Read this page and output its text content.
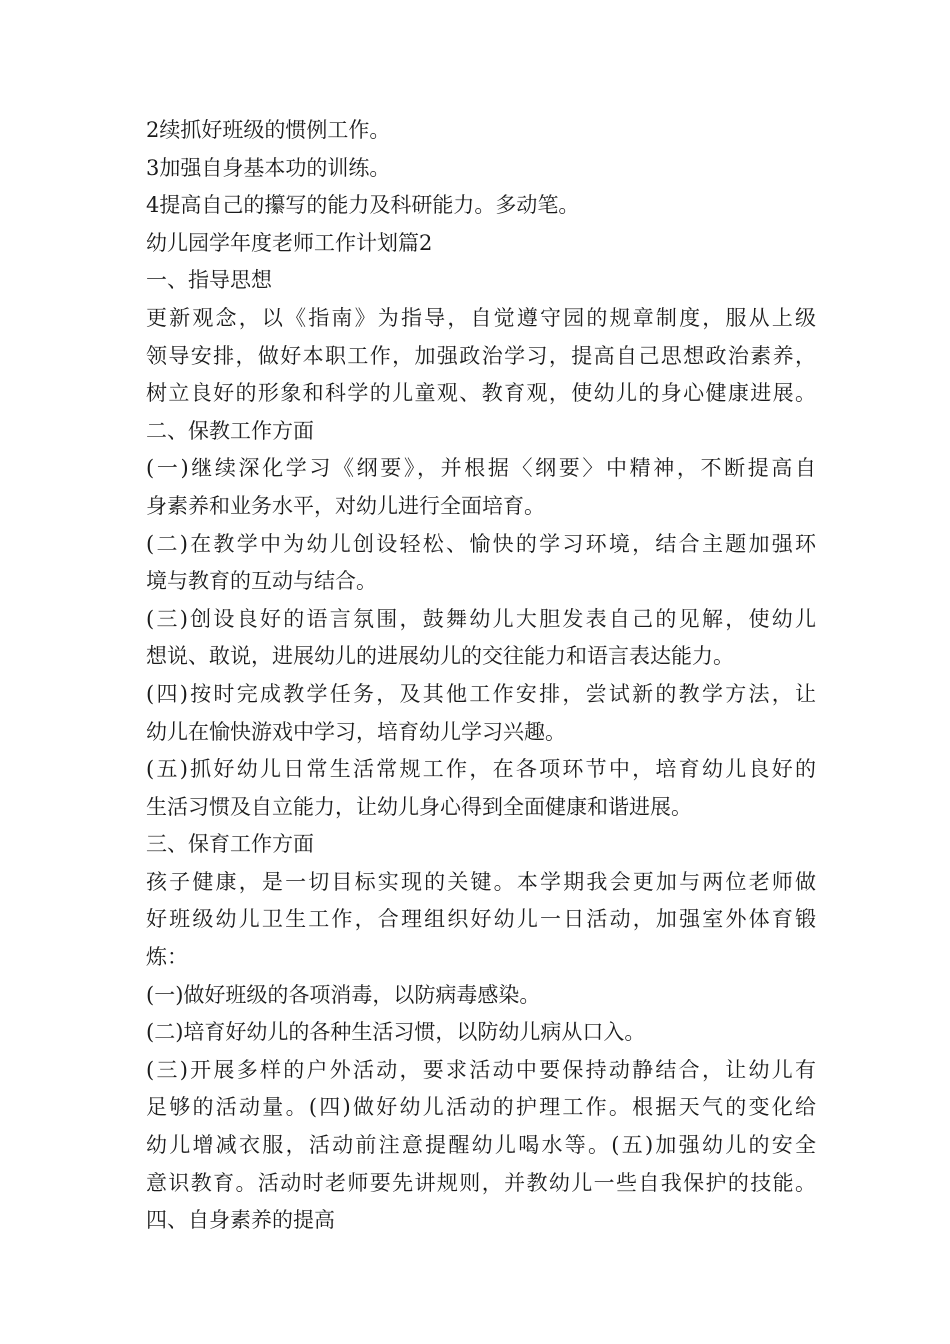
2续抓好班级的惯例工作。
3加强自身基本功的训练。
4提高自己的攥写的能力及科研能力。多动笔。
幼儿园学年度老师工作计划篇2
一、指导思想
更新观念，以《指南》为指导，自觉遵守园的规章制度，服从上级
领导安排，做好本职工作，加强政治学习，提高自己思想政治素养，
树立良好的形象和科学的儿童观、教育观，使幼儿的身心健康进展。
二、保教工作方面
(一)继续深化学习《纲要》，并根据〈纲要〉中精神，不断提高自
身素养和业务水平，对幼儿进行全面培育。
(二)在教学中为幼儿创设轻松、愉快的学习环境，结合主题加强环
境与教育的互动与结合。
(三)创设良好的语言氛围，鼓舞幼儿大胆发表自己的见解，使幼儿
想说、敢说，进展幼儿的进展幼儿的交往能力和语言表达能力。
(四)按时完成教学任务，及其他工作安排，尝试新的教学方法，让
幼儿在愉快游戏中学习，培育幼儿学习兴趣。
(五)抓好幼儿日常生活常规工作，在各项环节中，培育幼儿良好的
生活习惯及自立能力，让幼儿身心得到全面健康和谐进展。
三、保育工作方面
孩子健康，是一切目标实现的关键。本学期我会更加与两位老师做
好班级幼儿卫生工作，合理组织好幼儿一日活动，加强室外体育锻
炼：
(一)做好班级的各项消毒，以防病毒感染。
(二)培育好幼儿的各种生活习惯，以防幼儿病从口入。
(三)开展多样的户外活动，要求活动中要保持动静结合，让幼儿有
足够的活动量。(四)做好幼儿活动的护理工作。根据天气的变化给
幼儿增减衣服，活动前注意提醒幼儿喝水等。(五)加强幼儿的安全
意识教育。活动时老师要先讲规则，并教幼儿一些自我保护的技能。
四、自身素养的提高
